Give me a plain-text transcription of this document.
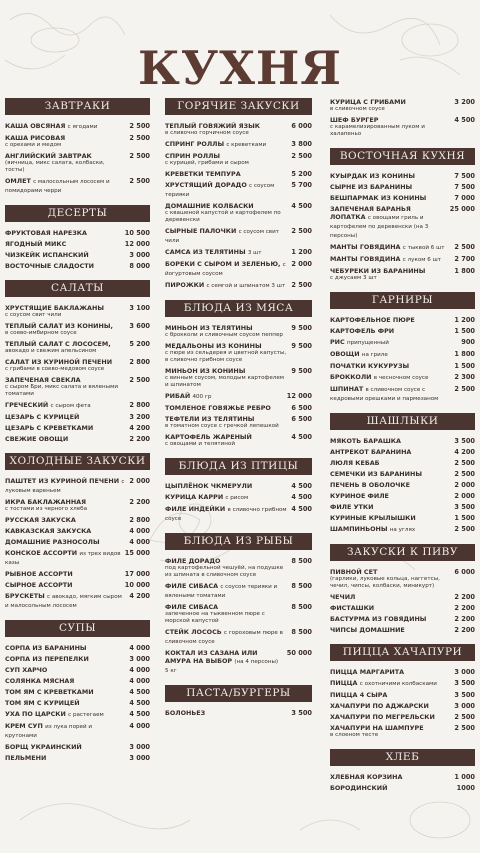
КУХНЯ
ЗАВТРАКИ
КАША ОВСЯНАЯ с ягодами	2 500
КАША РИСОВАЯ
с орехами и медом
2 500
АНГЛИЙСКИЙ ЗАВТРАК
(яичница, микс салата, колбаски, тосты)
2 500
ОМЛЕТ с малосольным лососем и помидорами черри
2 500
ДЕСЕРТЫ
ФРУКТОВАЯ НАРЕЗКА	10 500
ЯГОДНЫЙ МИКС	12 000
ЧИЗКЕЙК ИСПАНСКИЙ	3 000
ВОСТОЧНЫЕ СЛАДОСТИ	8 000
САЛАТЫ
ХРУСТЯЩИЕ БАКЛАЖАНЫ
с соусом свит чили
3 100
ТЕПЛЫЙ САЛАТ ИЗ КОНИНЫ,
в соево-имбирном соусе
3 600
ТЕПЛЫЙ САЛАТ С ЛОСОСЕМ,
авокадо и свежим апельсином
5 200
САЛАТ ИЗ КУРИНОЙ ПЕЧЕНИ
с грибами в соево-медовом соусе
2 800
ЗАПЕЧЕНАЯ СВЕКЛА
с сыром Бри, микс салата и вялеными томатами
2 500
ГРЕЧЕСКИЙ с сыром фета	2 800
ЦЕЗАРЬ С КУРИЦЕЙ	3 200
ЦЕЗАРЬ С КРЕВЕТКАМИ	4 200
СВЕЖИЕ ОВОЩИ	2 200
ХОЛОДНЫЕ ЗАКУСКИ
ПАШТЕТ ИЗ КУРИНОЙ ПЕЧЕНИ с луковым вареньем
2 000
ИКРА БАКЛАЖАННАЯ
с тостами из черного хлеба
2 200
РУССКАЯ ЗАКУСКА	2 800
КАВКАЗСКАЯ ЗАКУСКА	4 000
ДОМАШНИЕ РАЗНОСОЛЫ	4 000
КОНСКОЕ АССОРТИ из трех видов казы
15 000
РЫБНОЕ АССОРТИ	17 000
СЫРНОЕ АССОРТИ	10 000
БРУСКЕТЫ с авокадо, мягким сыром и малосольным лососем
4 200
СУПЫ
СОРПА ИЗ БАРАНИНЫ	4 000
СОРПА ИЗ ПЕРЕПЕЛКИ	3 000
СУП ХАРЧО	4 000
СОЛЯНКА МЯСНАЯ	4 000
ТОМ ЯМ С КРЕВЕТКАМИ	4 500
ТОМ ЯМ С КУРИЦЕЙ	4 500
УХА ПО ЦАРСКИ с растегаем	4 500
КРЕМ СУП из лука порей и крутонами
4 000
БОРЩ УКРАИНСКИЙ	3 000
ПЕЛЬМЕНИ	3 000
ГОРЯЧИЕ ЗАКУСКИ
ТЕПЛЫЙ ГОВЯЖИЙ ЯЗЫК
в сливочно горчичном соусе
6 000
СПРИНГ РОЛЛЫ с креветками	3 800
СПРИН РОЛЛЫ
с курицей, грибами и сыром
2 500
КРЕВЕТКИ ТЕМПУРА	5 200
ХРУСТЯЩИЙ ДОРАДО с соусом терияки
5 700
ДОМАШНИЕ КОЛБАСКИ
с квашеной капустой и картофелем по деревенски
4 500
СЫРНЫЕ ПАЛОЧКИ с соусом свит чили
2 500
САМСА ИЗ ТЕЛЯТИНЫ 3 шт	1 200
БОРЕКИ С СЫРОМ И ЗЕЛЕНЬЮ, с йогуртовым соусом
2 000
ПИРОЖКИ с семгой и шпинатом 3 шт 2 500
БЛЮДА ИЗ МЯСА
МИНЬОН ИЗ ТЕЛЯТИНЫ
с брокколи и сливочным соусом пеппер
9 500
МЕДАЛЬОНЫ ИЗ КОНИНЫ
с пюре из сельдерея и цветной капусты, в сливочно грибном соусе
9 500
МИНЬОН ИЗ КОНИНЫ
с винным соусом, молодым картофелем и шпинатом
9 500
РИБАЙ 400 гр	12 000
ТОМЛЕНОЕ ГОВЯЖЬЕ РЕБРО	6 500
ТЕФТЕЛИ ИЗ ТЕЛЯТИНЫ
в томатном соусе с гречкой лепешкой
6 500
КАРТОФЕЛЬ ЖАРЕНЫЙ
с овощами и телятиной
4 500
БЛЮДА ИЗ ПТИЦЫ
ЦЫПЛЁНОК ЧКМЕРУЛИ	4 500
КУРИЦА КАРРИ с рисом	4 500
ФИЛЕ ИНДЕЙКИ в сливочно грибном соусе
4 500
БЛЮДА ИЗ РЫБЫ
ФИЛЕ ДОРАДО
под картофельной чешуёй, на подушке из шпината в сливочном соусе
8 500
ФИЛЕ СИБАСА с соусом терияки и вялеными томатами
8 500
ФИЛЕ СИБАСА
запеченное на тыквенном пюре с морской капустой
8 500
СТЕЙК ЛОСОСЬ с гороховым пюре в сливочном соусе
8 500
КОКТАЛ ИЗ САЗАНА ИЛИ АМУРА НА ВЫБОР (на 4 персоны) 5 кг
50 000
ПАСТА/БУРГЕРЫ
БОЛОНЬЕЗ	3 500
КУРИЦА С ГРИБАМИ
в сливочном соусе
3 200
ШЕФ БУРГЕР
с карамелизированным луком и халапеньо
4 500
ВОСТОЧНАЯ КУХНЯ
КУЫРДАК ИЗ КОНИНЫ	7 500
СЫРНЕ ИЗ БАРАНИНЫ	7 500
БЕШПАРМАК ИЗ КОНИНЫ	7 000
ЗАПЕЧЕНАЯ БАРАНЬЯ ЛОПАТКА с овощами гриль и картофелем по деревенски (на 3 персоны)
25 000
МАНТЫ ГОВЯДИНА с тыквой 6 шт	2 500
МАНТЫ ГОВЯДИНА с луком 6 шт	2 700
ЧЕБУРЕКИ ИЗ БАРАНИНЫ
с джусаем 3 шт
1 800
ГАРНИРЫ
КАРТОФЕЛЬНОЕ ПЮРЕ	1 200
КАРТОФЕЛЬ ФРИ	1 500
РИС припущенный	900
ОВОЩИ на гриле	1 800
ПОЧАТКИ КУКУРУЗЫ	1 500
БРОККОЛИ в чесночном соусе	2 300
ШПИНАТ в сливочном соусе с кедровыми орешками и пармезаном
2 500
ШАШЛЫКИ
МЯКОТЬ БАРАШКА	3 500
АНТРЕКОТ БАРАНИНА	4 200
ЛЮЛЯ КЕБАБ	2 500
СЕМЕЧКИ ИЗ БАРАНИНЫ	2 500
ПЕЧЕНЬ В ОБОЛОЧКЕ	2 000
КУРИНОЕ ФИЛЕ	2 000
ФИЛЕ УТКИ	3 500
КУРИНЫЕ КРЫЛЫШКИ	1 500
ШАМПИНЬОНЫ на углях	2 500
ЗАКУСКИ К ПИВУ
ПИВНОЙ СЕТ
(гарлики, луковые кольца, наггетсы, чечил, чипсы, колбаски, миникурт)
6 000
ЧЕЧИЛ	2 200
ФИСТАШКИ	2 200
БАСТУРМА ИЗ ГОВЯДИНЫ	2 200
ЧИПСЫ ДОМАШНИЕ	2 200
ПИЦЦА ХАЧАПУРИ
ПИЦЦА МАРГАРИТА	3 000
ПИЦЦА с охотничими колбасками	3 500
ПИЦЦА 4 СЫРА	3 500
ХАЧАПУРИ ПО АДЖАРСКИ	3 000
ХАЧАПУРИ ПО МЕГРЕЛЬСКИ	2 500
ХАЧАПУРИ НА ШАМПУРЕ
в слоеном тесте
2 500
ХЛЕБ
ХЛЕБНАЯ КОРЗИНА	1 000
БОРОДИНСКИЙ	1000
